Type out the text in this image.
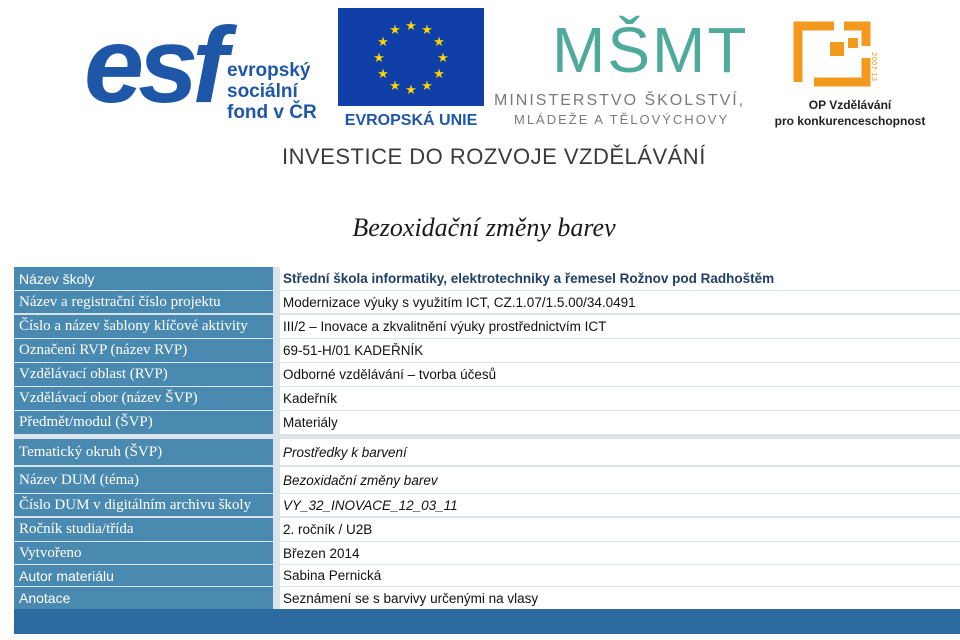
esf evropský
sociální
fond v ČR
★ ★
★
★
★
★
★
★
★
★
★
★
EVROPSKÁ UNIE
MŠMT
MINISTERSTVO ŠKOLSTVÍ,
MLÁDEŽE A TĚLOVÝCHOVY
2007-13
OP Vzdělávání
pro konkurenceschopnost
INVESTICE DO ROZVOJE VZDĚLÁVÁNÍ
Bezoxidační změny barev
Název školy	Střední škola informatiky, elektrotechniky a řemesel Rožnov pod Radhoštěm
Název a registrační číslo projektu	Modernizace výuky s využitím ICT, CZ.1.07/1.5.00/34.0491
Číslo a název šablony klíčové aktivity	III/2 – Inovace a zkvalitnění výuky prostřednictvím ICT
Označení RVP (název RVP)	69-51-H/01 KADEŘNÍK
Vzdělávací oblast (RVP)	Odborné vzdělávání – tvorba účesů
Vzdělávací obor (název ŠVP)	Kadeřník
Předmět/modul (ŠVP)	Materiály
Tematický okruh (ŠVP)	Prostředky k barvení
Název DUM (téma)	Bezoxidační změny barev
Číslo DUM v digitálním archivu školy	VY_32_INOVACE_12_03_11
Ročník studia/třída	2. ročník / U2B
Vytvořeno	Březen 2014
Autor materiálu	Sabina Pernická
Anotace	Seznámení se s barvivy určenými na vlasy
